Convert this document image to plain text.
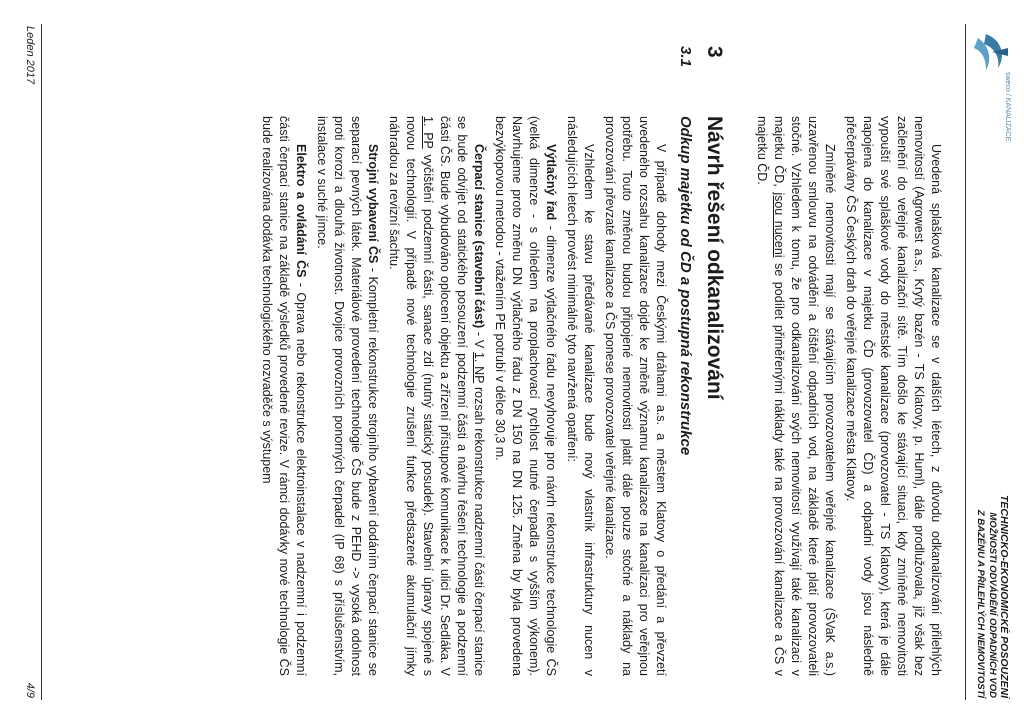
sweco / KANALIZACE
TECHNICKO-EKONOMICKÉ POSOUZENÍ
MOŽNOSTI ODVÁDĚNÍ ODPADNÍCH VOD
Z BAZÉNU A PŘILEHLÝCH NEMOVITOSTÍ

Uvedená splašková kanalizace se v dalších létech, z důvodu odkanalizování přilehlých nemovitostí (Agrowest a.s., Krytý bazén - TS Klatovy, p. Huml), dále prodlužovala, již však bez začlenění do veřejné kanalizační sítě. Tím došlo ke stávající situaci, kdy zmíněné nemovitosti vypouští své splaškové vody do městské kanalizace (provozovatel - TS Klatovy), která je dále napojena do kanalizace v majetku ČD (provozovatel ČD) a odpadní vody jsou následně přečerpávány ČS Českých drah do veřejné kanalizace města Klatovy.

Zmíněné nemovitosti mají se stávajícím provozovatelem veřejné kanalizace (ŠVaK a.s.) uzavřenou smlouvu na odvádění a čištění odpadních vod, na základě které platí provozovateli stočné. Vzhledem k tomu, že pro odkanalizování svých nemovitostí využívají také kanalizaci v majetku ČD, jsou nuceni se podílet přiměřenými náklady také na provozování kanalizace a ČS v majetku ČD.

3
Návrh řešení odkanalizování
3.1
Odkup majetku od ČD a postupná rekonstrukce

V případě dohody mezi Českými dráhami a.s. a městem Klatovy o předání a převzetí uvedeného rozsahu kanalizace dojde ke změně významu kanalizace na kanalizaci pro veřejnou potřebu. Touto změnou budou připojené nemovitosti platit dále pouze stočné a náklady na provozování převzaté kanalizace a ČS ponese provozovatel veřejné kanalizace.

Vzhledem ke stavu předávané kanalizace bude nový vlastník infrastruktury nucen v následujících letech provést minimálně tyto navržená opatření:

Výtlačný řad - dimenze výtlačného řadu nevyhovuje pro návrh rekonstrukce technologie ČS (velká dimenze - s ohledem na proplachovací rychlost nutné čerpadla s vyšším výkonem). Navrhujeme proto změnu DN výtlačného řadu z DN 150 na DN 125. Změna by byla provedena bezvýkopovou metodou - vtažením PE potrubí v délce 30,3 m.

Čerpací stanice (stavební část) - V 1. NP rozsah rekonstrukce nadzemní části čerpací stanice se bude odvíjet od statického posouzení podzemní části a návrhu řešení technologie a podzemní části ČS. Bude vybudováno oplocení objektu a zřízení přístupové komunikace k ulici Dr. Sedláka. V 1. PP vyčištění podzemní části, sanace zdí (nutný statický posudek). Stavební úpravy spojené s novou technologií. V případě nové technologie zrušení funkce předsazené akumulační jímky náhradou za revizní šachtu.

Strojní vybavení ČS - Kompletní rekonstrukce strojního vybavení dodáním čerpací stanice se separací pevných látek. Materiálové provedení technologie ČS bude z PEHD -> vysoká odolnost proti korozi a dlouhá životnost. Dvojice provozních ponorných čerpadel (IP 68) s příslušenstvím, instalace v suché jímce.

Elektro a ovládání ČS - Oprava nebo rekonstrukce elektroinstalace v nadzemní i podzemní části čerpací stanice na základě výsledků provedené revize. V rámci dodávky nové technologie ČS bude realizována dodávka technologického rozvaděče s výstupem

Leden 2017
4/9
